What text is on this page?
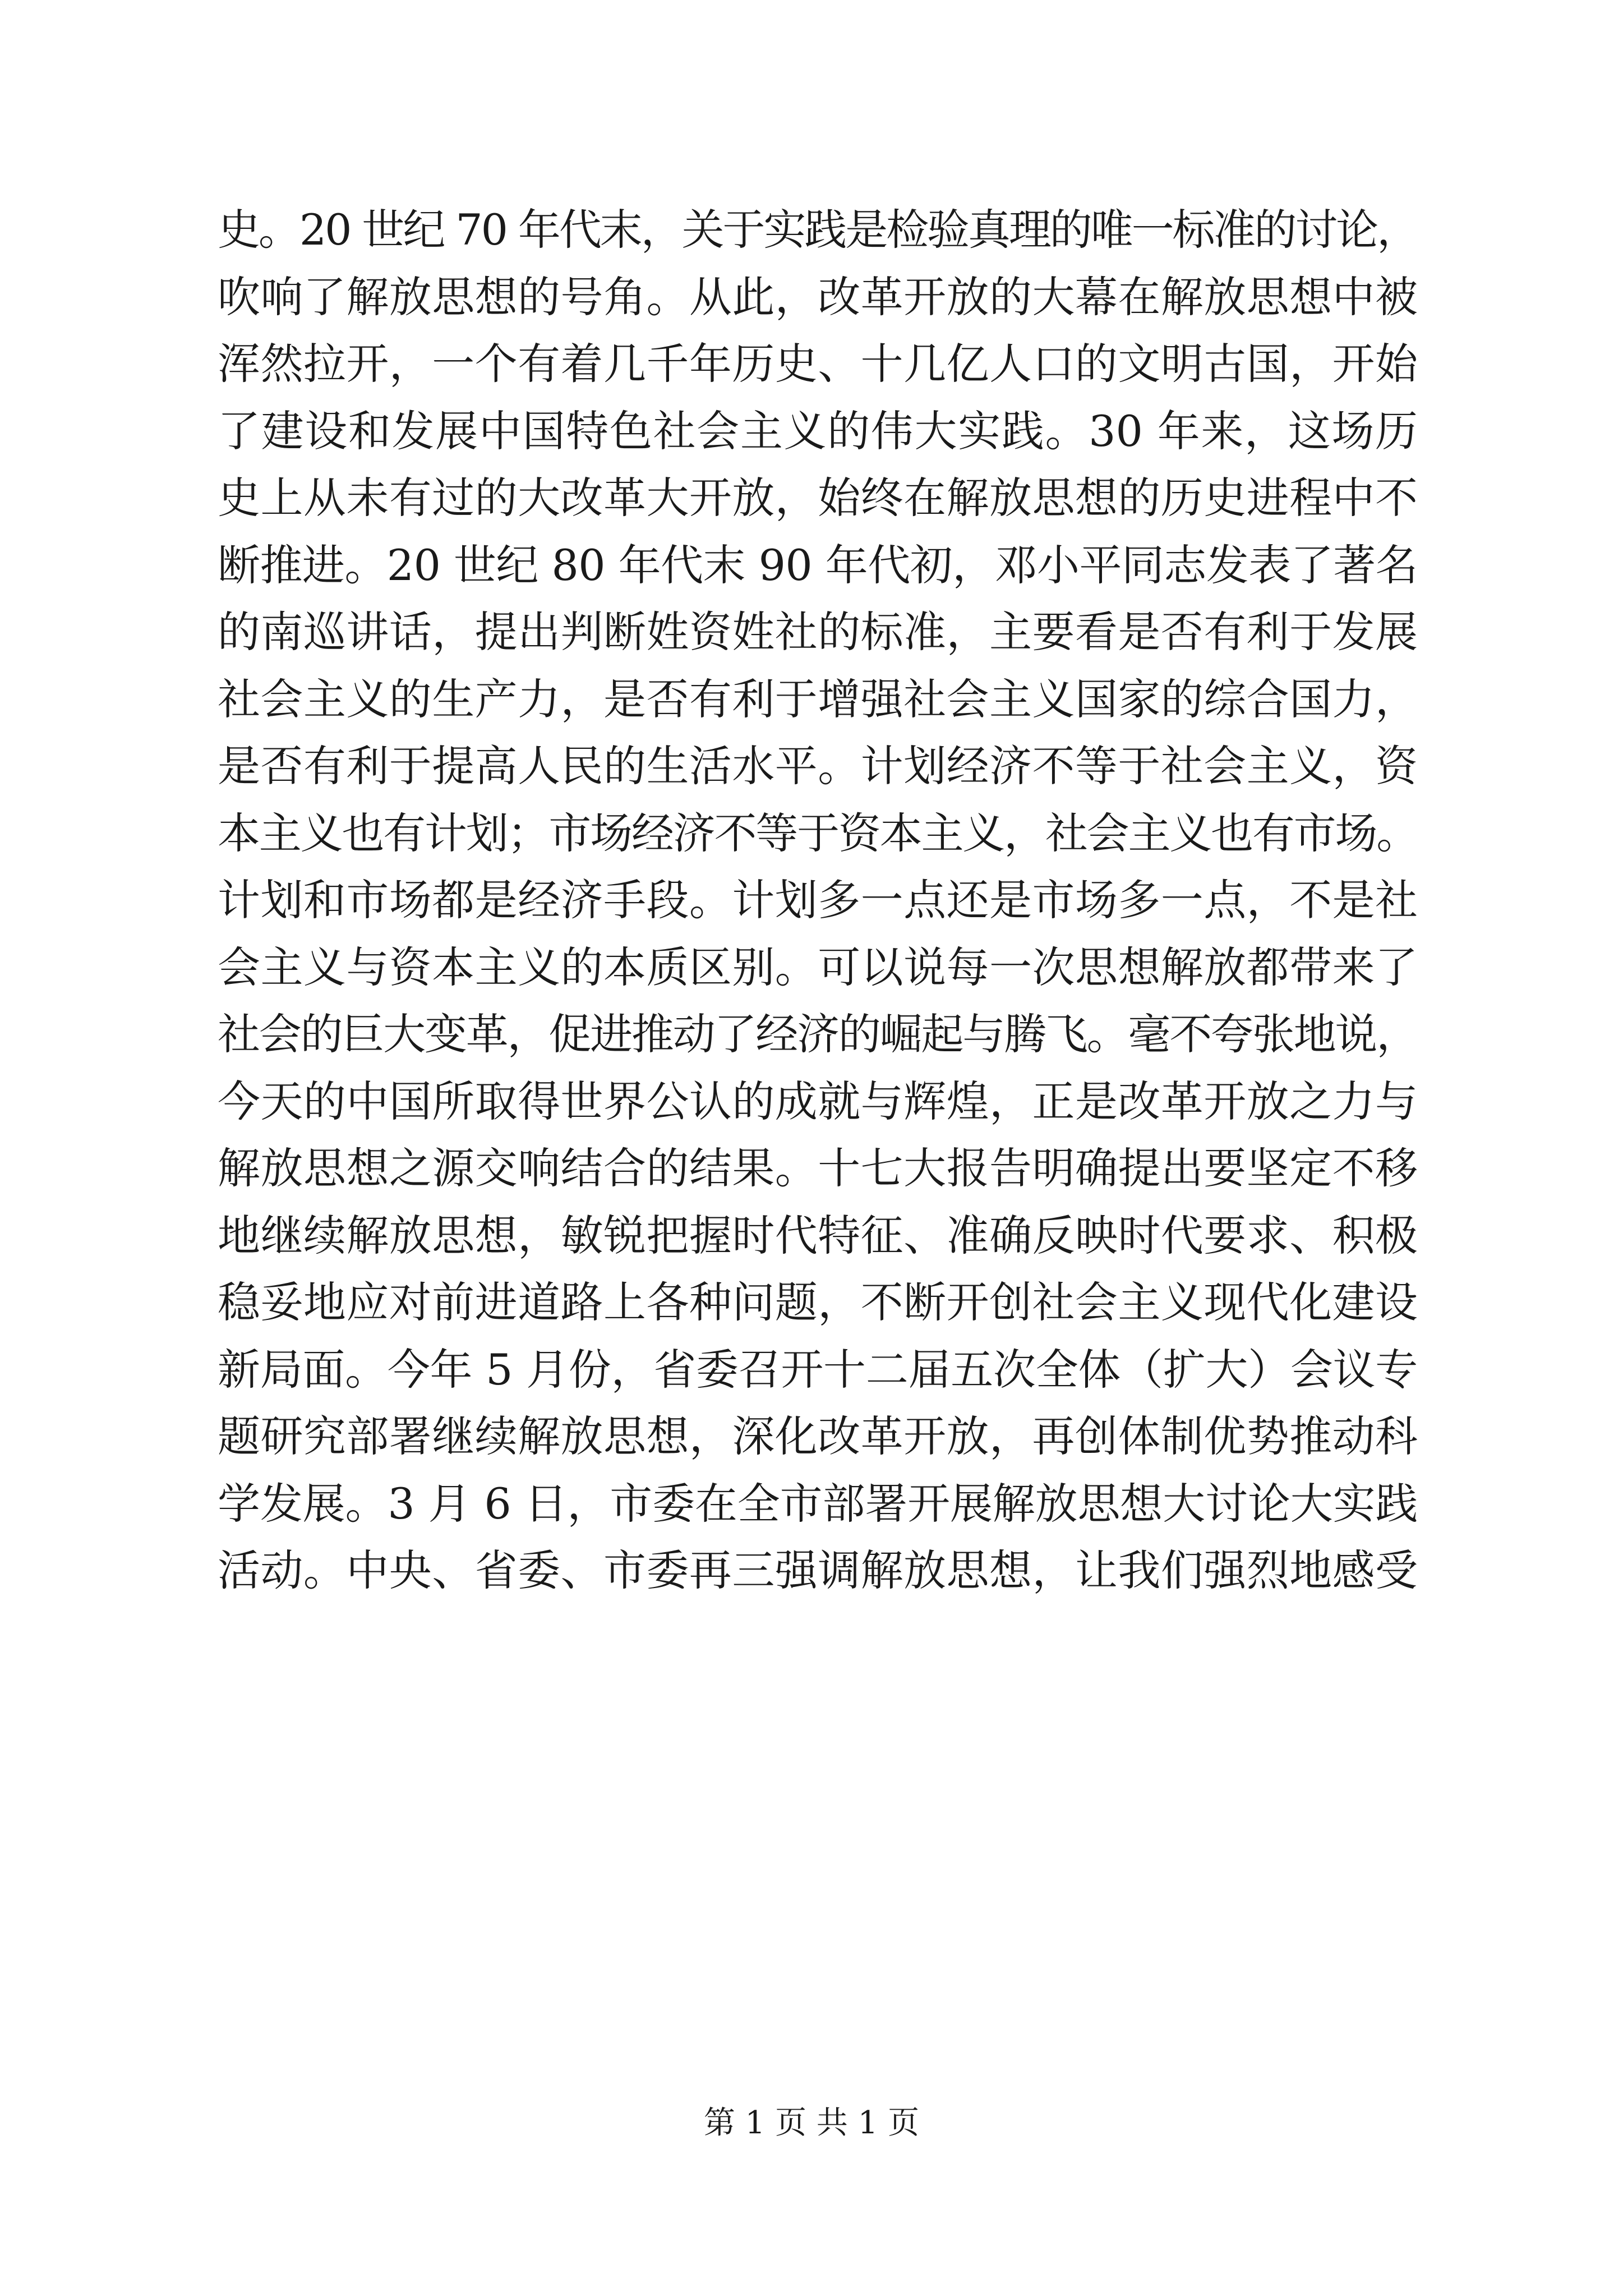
史。20 世纪 70 年代末，关于实践是检验真理的唯一标准的讨论，
吹响了解放思想的号角。从此，改革开放的大幕在解放思想中被
浑然拉开，一个有着几千年历史、十几亿人口的文明古国，开始
了建设和发展中国特色社会主义的伟大实践。30 年来，这场历
史上从未有过的大改革大开放，始终在解放思想的历史进程中不
断推进。20 世纪 80 年代末 90 年代初，邓小平同志发表了著名
的南巡讲话，提出判断姓资姓社的标准，主要看是否有利于发展
社会主义的生产力，是否有利于增强社会主义国家的综合国力，
是否有利于提高人民的生活水平。计划经济不等于社会主义，资
本主义也有计划；市场经济不等于资本主义，社会主义也有市场。
计划和市场都是经济手段。计划多一点还是市场多一点，不是社
会主义与资本主义的本质区别。可以说每一次思想解放都带来了
社会的巨大变革，促进推动了经济的崛起与腾飞。毫不夸张地说，
今天的中国所取得世界公认的成就与辉煌，正是改革开放之力与
解放思想之源交响结合的结果。十七大报告明确提出要坚定不移
地继续解放思想，敏锐把握时代特征、准确反映时代要求、积极
稳妥地应对前进道路上各种问题，不断开创社会主义现代化建设
新局面。今年 5 月份，省委召开十二届五次全体（扩大）会议专
题研究部署继续解放思想，深化改革开放，再创体制优势推动科
学发展。3 月 6 日，市委在全市部署开展解放思想大讨论大实践
活动。中央、省委、市委再三强调解放思想，让我们强烈地感受
第 1 页 共 1 页
